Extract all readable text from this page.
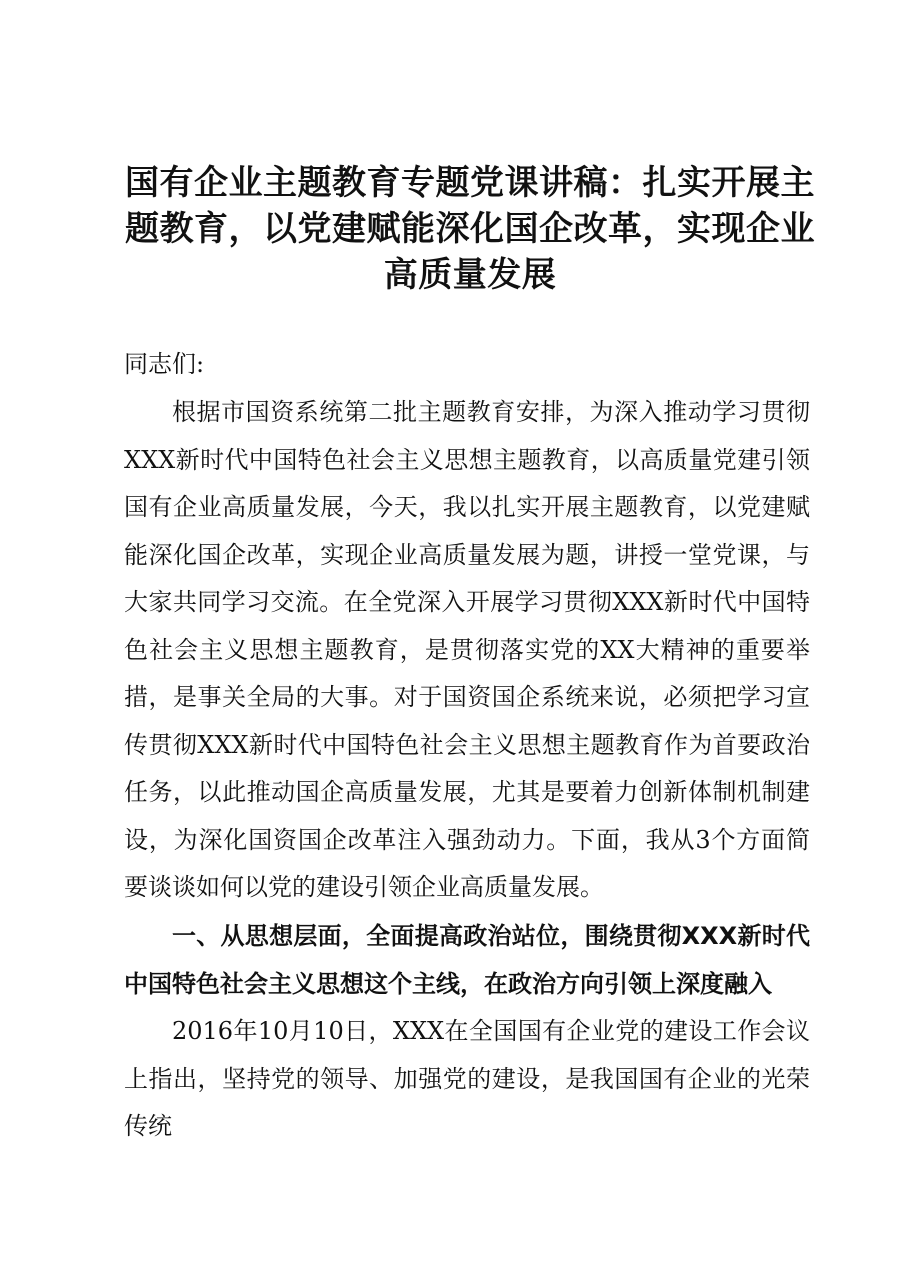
国有企业主题教育专题党课讲稿：扎实开展主题教育，以党建赋能深化国企改革，实现企业高质量发展

同志们:

根据市国资系统第二批主题教育安排，为深入推动学习贯彻XXX新时代中国特色社会主义思想主题教育，以高质量党建引领国有企业高质量发展，今天，我以扎实开展主题教育，以党建赋能深化国企改革，实现企业高质量发展为题，讲授一堂党课，与大家共同学习交流。在全党深入开展学习贯彻XXX新时代中国特色社会主义思想主题教育，是贯彻落实党的XX大精神的重要举措，是事关全局的大事。对于国资国企系统来说，必须把学习宣传贯彻XXX新时代中国特色社会主义思想主题教育作为首要政治任务，以此推动国企高质量发展，尤其是要着力创新体制机制建设，为深化国资国企改革注入强劲动力。下面，我从3个方面简要谈谈如何以党的建设引领企业高质量发展。

一、从思想层面，全面提高政治站位，围绕贯彻XXX新时代中国特色社会主义思想这个主线，在政治方向引领上深度融入

2016年10月10日，XXX在全国国有企业党的建设工作会议上指出，坚持党的领导、加强党的建设，是我国国有企业的光荣传统
